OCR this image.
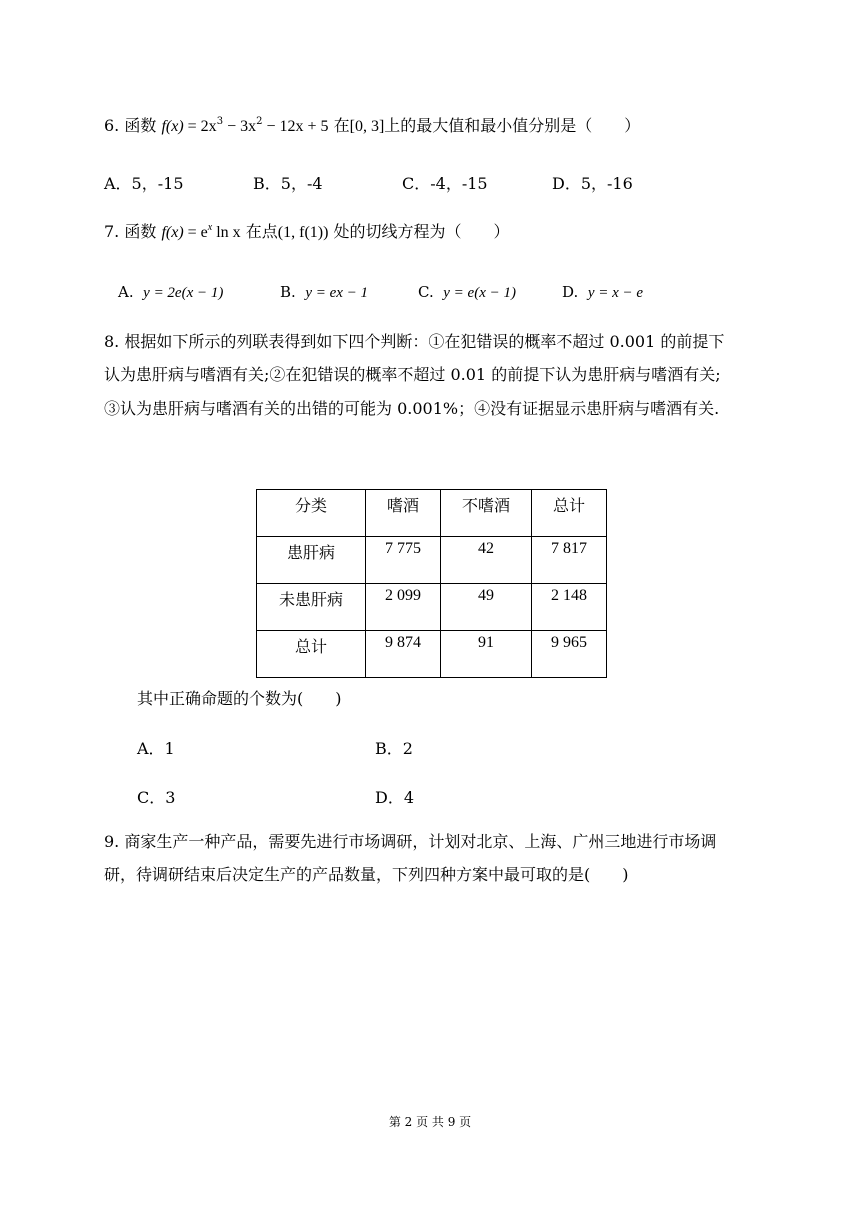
6. 函数 $f(x) = 2x^3 - 3x^2 - 12x + 5$ 在[0, 3]上的最大值和最小值分别是（　　）
A．5，-15	B．5，-4	C．-4，-15	D．5，-16
7. 函数 $f(x) = e^x$ ln x 在点(1, f(1)) 处的切线方程为（　　）
A. y = 2e(x − 1)	B. y = ex − 1	C. y = e(x − 1)	D. y = x − e
8. 根据如下所示的列联表得到如下四个判断：①在犯错误的概率不超过 0.001 的前提下
认为患肝病与嗜酒有关;②在犯错误的概率不超过 0.01 的前提下认为患肝病与嗜酒有关;
③认为患肝病与嗜酒有关的出错的可能为 0.001%；④没有证据显示患肝病与嗜酒有关.
分类	嗜酒	不嗜酒	总计
患肝病	7 775	42	7 817
未患肝病	2 099	49	2 148
总计	9 874	91	9 965
其中正确命题的个数为(　　)
A．1	B．2
C．3	D．4
9. 商家生产一种产品，需要先进行市场调研，计划对北京、上海、广州三地进行市场调
研，待调研结束后决定生产的产品数量，下列四种方案中最可取的是(　　)
第 2 页 共 9 页
